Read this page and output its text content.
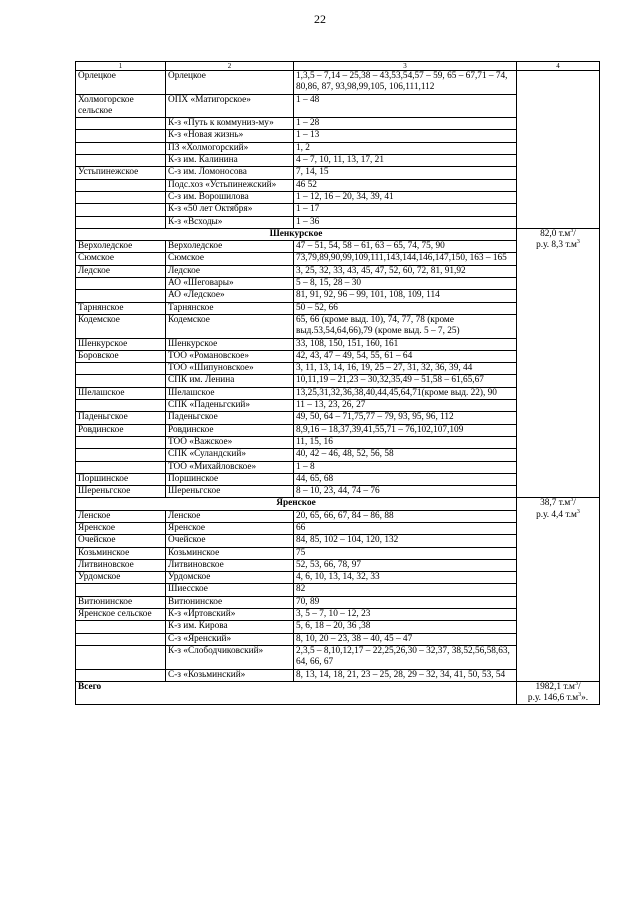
22
1	2	3	4
Орлецкое	Орлецкое	1,3,5 – 7,14 – 25,38 – 43,53,54,57 – 59, 65 – 67,71 – 74, 80,86, 87, 93,98,99,105, 106,111,112	
Холмогорское сельское	ОПХ «Матигорское»	1 – 48	
	К-з «Путь к коммуниз-му»	1 – 28	
	К-з «Новая жизнь»	1 – 13	
	ПЗ «Холмогорский»	1, 2	
	К-з им. Калинина	4 – 7, 10, 11, 13, 17, 21	
Устьпинежское	С-з им. Ломоносова	7, 14, 15	
	Подс.хоз «Устьпинежский»	46 52	
	С-з им. Ворошилова	1 – 12, 16 – 20, 34, 39, 41	
	К-з «50 лет Октября»	1 – 17	
	К-з «Всходы»	1 – 36	
Шенкурское			82,0 $т.м^3/$
р.у. 8,3 $т.м^3$
Верхоледское	Верхоледское	47 – 51, 54, 58 – 61, 63 – 65, 74, 75, 90	
Сюмское	Сюмское	73,79,89,90,99,109,111,143,144,146,147,150, 163 – 165	
Ледское	Ледское	3, 25, 32, 33, 43, 45, 47, 52, 60, 72, 81, 91,92	
	АО «Шеговары»	5 – 8, 15, 28 – 30	
	АО «Ледское»	81, 91, 92, 96 – 99, 101, 108, 109, 114	
Тарнянское	Тарнянское	50 – 52, 66	
Кодемское	Кодемское	65, 66 (кроме выд. 10), 74, 77, 78 (кроме выд.53,54,64,66),79 (кроме выд. 5 – 7, 25)	
Шенкурское	Шенкурское	33, 108, 150, 151, 160, 161	
Боровское	ТОО «Романовское»	42, 43, 47 – 49, 54, 55, 61 – 64	
	ТОО «Шипуновское»	3, 11, 13, 14, 16, 19, 25 – 27, 31, 32, 36, 39, 44	
	СПК им. Ленина	10,11,19 – 21,23 – 30,32,35,49 – 51,58 – 61,65,67	
Шелашское	Шелашское	13,25,31,32,36,38,40,44,45,64,71(кроме выд. 22), 90	
	СПК «Паденьгский»	11 – 13, 23, 26, 27	
Паденьгское	Паденьгское	49, 50, 64 – 71,75,77 – 79, 93, 95, 96, 112	
Ровдинское	Ровдинское	8,9,16 – 18,37,39,41,55,71 – 76,102,107,109	
	ТОО «Важское»	11, 15, 16	
	СПК «Суландский»	40, 42 – 46, 48, 52, 56, 58	
	ТОО «Михайловское»	1 – 8	
Поршинское	Поршинское	44, 65, 68	
Шереньгское	Шереньгское	8 – 10, 23, 44, 74 – 76	
Яренское			38,7 $т.м^3/$
р.у. 4,4 $т.м^3$
Ленское	Ленское	20, 65, 66, 67, 84 – 86, 88	
Яренское	Яренское	66	
Очейское	Очейское	84, 85, 102 – 104, 120, 132	
Козьминское	Козьминское	75	
Литвиновское	Литвиновское	52, 53, 66, 78, 97	
Урдомское	Урдомское	4, 6, 10, 13, 14, 32, 33	
	Шиесское	82	
Витюнинское	Витюнинское	70, 89	
Яренское сельское	К-з «Иртовский»	3, 5 – 7, 10 – 12, 23	
	К-з им. Кирова	5, 6, 18 – 20, 36 ,38	
	С-з «Яренский»	8, 10, 20 – 23, 38 – 40, 45 – 47	
	К-з «Слободчиковский»	2,3,5 – 8,10,12,17 – 22,25,26,30 – 32,37, 38,52,56,58,63, 64, 66, 67	
	С-з «Козьминский»	8, 13, 14, 18, 21, 23 – 25, 28, 29 – 32, 34, 41, 50, 53, 54	
Всего			1982,1 $т.м^3/$
р.у. 146,6 $т.м^3$».
